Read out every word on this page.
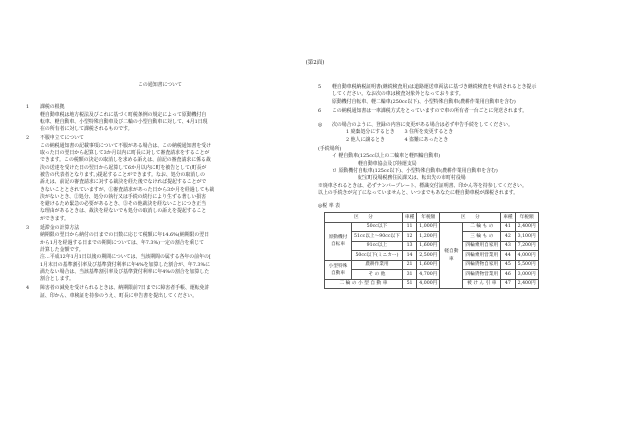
(第2面)
この通知書について
1	課税の根拠
軽自動車税は地方税法及びこれに基づく町税条例の規定によって原動機付自
転車、軽自動車、小型特殊自動車及び二輪の小型自動車に対して、4月1日現
在の所有者に対して課税されるものです。
2	不服申立てについて
この納税通知書の記載事項について不服がある場合は、この納税通知書を受け
取った日の翌日から起算して3か月以内に町長に対して審査請求をすることが
できます。この税額の決定の取消しを求める訴えは、前記の審査請求に係る裁
決の送達を受けた日の翌日から起算して6か月以内に町を被告として(町長が
被告の代表者となります。)提起することができます。なお、処分の取消しの
訴えは、前記の審査請求に対する裁決を経た後でなければ提起することがで
きないこととされていますが、①審査請求があった日から3か月を経過しても裁
決がないとき、②処分、処分の執行又は手続の続行により生ずる著しい損害
を避けるため緊急の必要があるとき、③その他裁決を経ないことにつき正当
な理由があるときは、裁決を経ないでも処分の取消しの訴えを提起すること
ができます。
3	延滞金の計算方法
納期限の翌日から納付の日までの日数に応じて税額に年14.6%(納期限の翌日
から1月を経過する日までの期間については、年7.3%)一定の割合を乗じて
計算した金額です。
注…平成12年1月1日以後の期間については、当該期間の属する各年の前年の[
1月末日の基準割引率及び基準貸付利率に年4%を加算した割合が、年7.3%に
満たない場合は、当該基準割引率及び基準貸付利率に年4%の割合を加算した
割合とします。
4	障害者の減免を受けられるときは、納期限前7日までに障害者手帳、運転免許
証、印かん、車検証を持参のうえ、町長に申告書を提出してください。
5	軽自動車税納税証明書(継続検査用)は道路運送車両法に基づき継続検査を申請されるとき提示
してください。なお次の車は検査対象外となっております。
原動機付自転車、軽二輪車(250cc以下)、小型特殊自動車(農耕作業用自動車を含む)
6	この納税通知書は一車課税方式をとっていますので車の所有者一台ごとに発送されます。
◎	次の場合のように、登録の内容に変更がある場合は必ず申告手続をしてください。
1 廃棄処分にするとき　　3 住所を変更するとき
2 他人に譲るとき　　　　4 盗難にあったとき
(手続場所)
イ 軽自動車(125cc以上の二輪車と軽四輪自動車)
軽自動車協会及び陸運支局
ロ 原動機付自転車(125cc以下)、小型特殊自動車(農耕作業用自動車を含む)
紀宝町役場税務住民課又は、転出先の市町村役場
※廃車されるときは、必ずナンバープレート、標識交付証明書、印かん等を持参してください。
以上の手続きが完了になっていませんと、いつまでもあなたに軽自動車税が課税されます。
◎税 率 表
区　　 分		車種	年税額	区　　 分		車種	年税額
原動機付自転車	50cc以下	11	1,000円	軽自動車	二 輪 も の	41	2,400円
	51cc以上～90cc以下	12	1,200円		三 輪 も の	42	3,100円
	91cc以上	13	1,600円		四輪乗用自家用	43	7,200円
	50cc以下(ミニカー)	14	2,500円		四輪乗用営業用	44	4,000円
小型特殊自動車	農耕作業用	21	1,600円		四輪貨物自家用	45	5,500円
	そ の 他	31	4,700円		四輪貨物営業用	46	3,000円
二 輪 の 小 型 自 動 車		51	4,000円		被 け ん 引 車	47	2,400円
